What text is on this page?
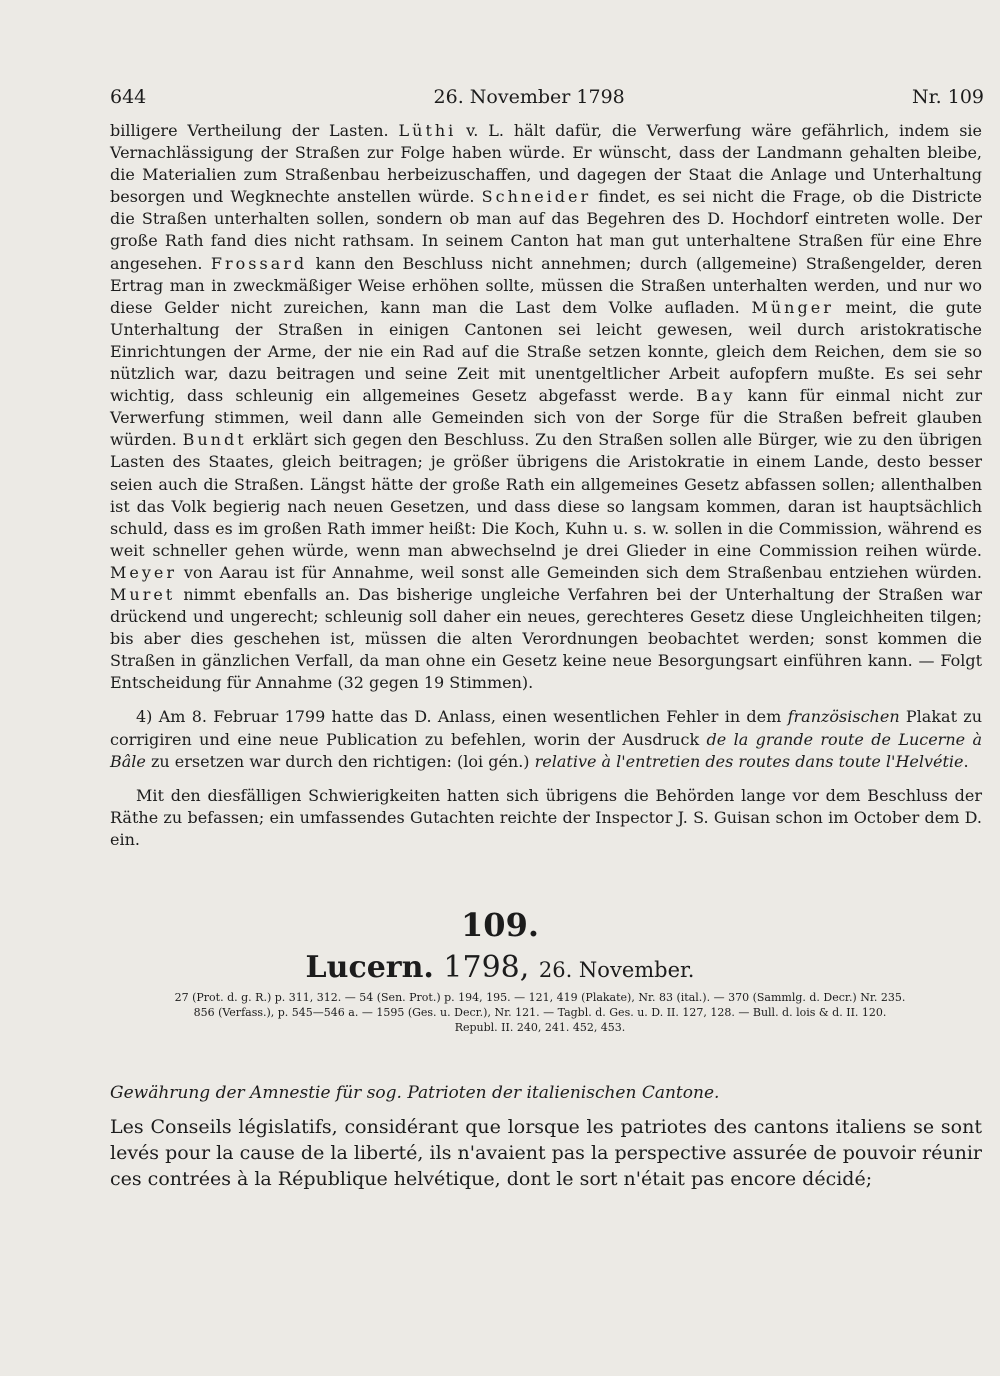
644	26. November 1798	Nr. 109

billigere Vertheilung der Lasten. Lüthi v. L. hält dafür, die Verwerfung wäre gefährlich, indem sie Vernachlässigung der Straßen zur Folge haben würde. Er wünscht, dass der Landmann gehalten bleibe, die Materialien zum Straßenbau herbeizuschaffen, und dagegen der Staat die Anlage und Unterhaltung besorgen und Wegknechte anstellen würde. Schneider findet, es sei nicht die Frage, ob die Districte die Straßen unterhalten sollen, sondern ob man auf das Begehren des D. Hochdorf eintreten wolle. Der große Rath fand dies nicht rathsam. In seinem Canton hat man gut unterhaltene Straßen für eine Ehre angesehen. Frossard kann den Beschluss nicht annehmen; durch (allgemeine) Straßengelder, deren Ertrag man in zweckmäßiger Weise erhöhen sollte, müssen die Straßen unterhalten werden, und nur wo diese Gelder nicht zureichen, kann man die Last dem Volke aufladen. Münger meint, die gute Unterhaltung der Straßen in einigen Cantonen sei leicht gewesen, weil durch aristokratische Einrichtungen der Arme, der nie ein Rad auf die Straße setzen konnte, gleich dem Reichen, dem sie so nützlich war, dazu beitragen und seine Zeit mit unentgeltlicher Arbeit aufopfern mußte. Es sei sehr wichtig, dass schleunig ein allgemeines Gesetz abgefasst werde. Bay kann für einmal nicht zur Verwerfung stimmen, weil dann alle Gemeinden sich von der Sorge für die Straßen befreit glauben würden. Bundt erklärt sich gegen den Beschluss. Zu den Straßen sollen alle Bürger, wie zu den übrigen Lasten des Staates, gleich beitragen; je größer übrigens die Aristokratie in einem Lande, desto besser seien auch die Straßen. Längst hätte der große Rath ein allgemeines Gesetz abfassen sollen; allenthalben ist das Volk begierig nach neuen Gesetzen, und dass diese so langsam kommen, daran ist hauptsächlich schuld, dass es im großen Rath immer heißt: Die Koch, Kuhn u. s. w. sollen in die Commission, während es weit schneller gehen würde, wenn man abwechselnd je drei Glieder in eine Commission reihen würde. Meyer von Aarau ist für Annahme, weil sonst alle Gemeinden sich dem Straßenbau entziehen würden. Muret nimmt ebenfalls an. Das bisherige ungleiche Verfahren bei der Unterhaltung der Straßen war drückend und ungerecht; schleunig soll daher ein neues, gerechteres Gesetz diese Ungleichheiten tilgen; bis aber dies geschehen ist, müssen die alten Verordnungen beobachtet werden; sonst kommen die Straßen in gänzlichen Verfall, da man ohne ein Gesetz keine neue Besorgungsart einführen kann. — Folgt Entscheidung für Annahme (32 gegen 19 Stimmen).

4) Am 8. Februar 1799 hatte das D. Anlass, einen wesentlichen Fehler in dem französischen Plakat zu corrigiren und eine neue Publication zu befehlen, worin der Ausdruck de la grande route de Lucerne à Bâle zu ersetzen war durch den richtigen: (loi gén.) relative à l'entretien des routes dans toute l'Helvétie.

Mit den diesfälligen Schwierigkeiten hatten sich übrigens die Behörden lange vor dem Beschluss der Räthe zu befassen; ein umfassendes Gutachten reichte der Inspector J. S. Guisan schon im October dem D. ein.

109.
Lucern. 1798, 26. November.
27 (Prot. d. g. R.) p. 311, 312. — 54 (Sen. Prot.) p. 194, 195. — 121, 419 (Plakate), Nr. 83 (ital.). — 370 (Sammlg. d. Decr.) Nr. 235.
856 (Verfass.), p. 545—546 a. — 1595 (Ges. u. Decr.), Nr. 121. — Tagbl. d. Ges. u. D. II. 127, 128. — Bull. d. lois & d. II. 120.
Republ. II. 240, 241. 452, 453.
Gewährung der Amnestie für sog. Patrioten der italienischen Cantone.
Les Conseils législatifs, considérant que lorsque les patriotes des cantons italiens se sont levés pour la cause de la liberté, ils n'avaient pas la perspective assurée de pouvoir réunir ces contrées à la République helvétique, dont le sort n'était pas encore décidé;
